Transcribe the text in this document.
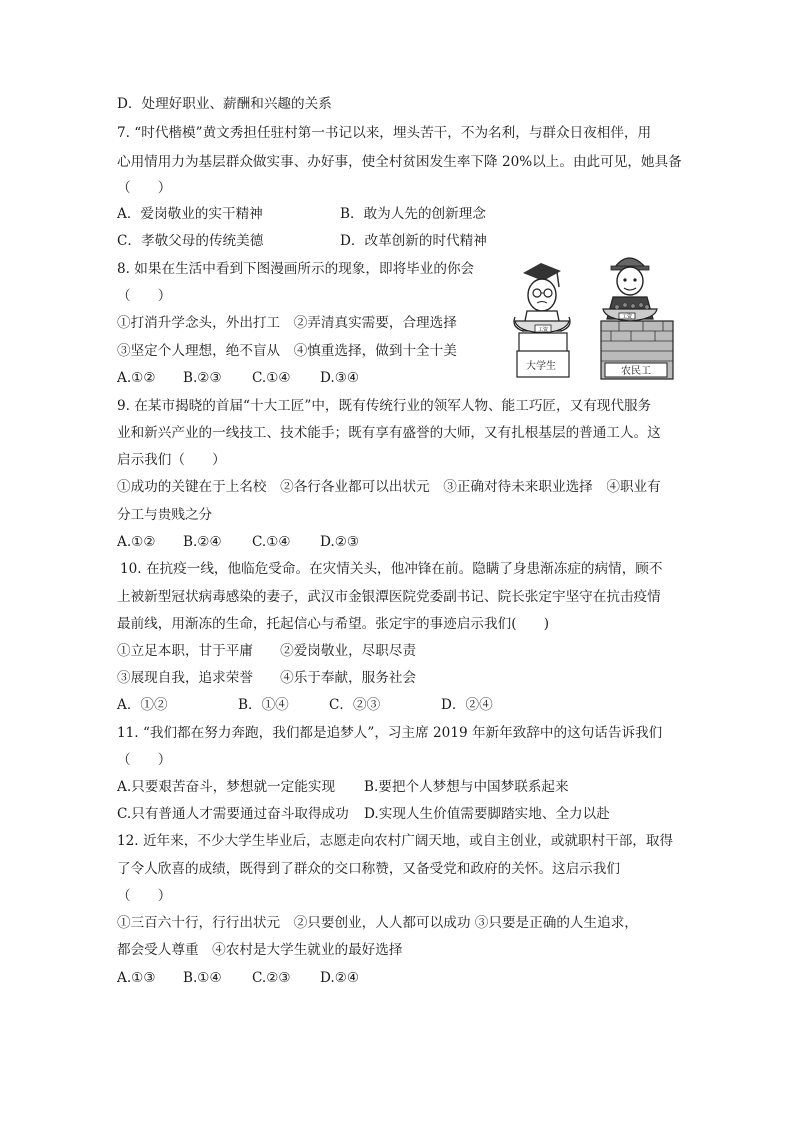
D．处理好职业、薪酬和兴趣的关系
7. “时代楷模”黄文秀担任驻村第一书记以来，埋头苦干，不为名利，与群众日夜相伴，用
心用情用力为基层群众做实事、办好事，使全村贫困发生率下降 20%以上。由此可见，她具备
（　　）
A．爱岗敬业的实干精神	B．敢为人先的创新理念
C．孝敬父母的传统美德	D．改革创新的时代精神
8. 如果在生活中看到下图漫画所示的现象，即将毕业的你会
（　　）
①打消升学念头，外出打工　②弄清真实需要，合理选择
③坚定个人理想，绝不盲从　④慎重选择，做到十全十美
A.①② B.②③ C.①④ D.③④
工资
大学生
工资
农民工
9. 在某市揭晓的首届“十大工匠”中，既有传统行业的领军人物、能工巧匠，又有现代服务
业和新兴产业的一线技工、技术能手；既有享有盛誉的大师，又有扎根基层的普通工人。这
启示我们（　　）
①成功的关键在于上名校　②各行各业都可以出状元　③正确对待未来职业选择　④职业有
分工与贵贱之分
A.①② B.②④ C.①④ D.②③
10. 在抗疫一线，他临危受命。在灾情关头，他冲锋在前。隐瞒了身患渐冻症的病情，顾不
上被新型冠状病毒感染的妻子，武汉市金银潭医院党委副书记、院长张定宇坚守在抗击疫情
最前线，用渐冻的生命，托起信心与希望。张定宇的事迹启示我们(　　)
①立足本职，甘于平庸　　②爱岗敬业，尽职尽责
③展现自我，追求荣誉　　④乐于奉献，服务社会
A．①②	B．①④	C．②③	D．②④
11. “我们都在努力奔跑，我们都是追梦人”，习主席 2019 年新年致辞中的这句话告诉我们
（　　）
A.只要艰苦奋斗，梦想就一定能实现 B.要把个人梦想与中国梦联系起来
C.只有普通人才需要通过奋斗取得成功 D.实现人生价值需要脚踏实地、全力以赴
12. 近年来，不少大学生毕业后，志愿走向农村广阔天地，或自主创业，或就职村干部，取得
了令人欣喜的成绩，既得到了群众的交口称赞，又备受党和政府的关怀。这启示我们
（　　）
①三百六十行，行行出状元　②只要创业，人人都可以成功 ③只要是正确的人生追求，
都会受人尊重　④农村是大学生就业的最好选择
A.①③ B.①④ C.②③ D.②④
